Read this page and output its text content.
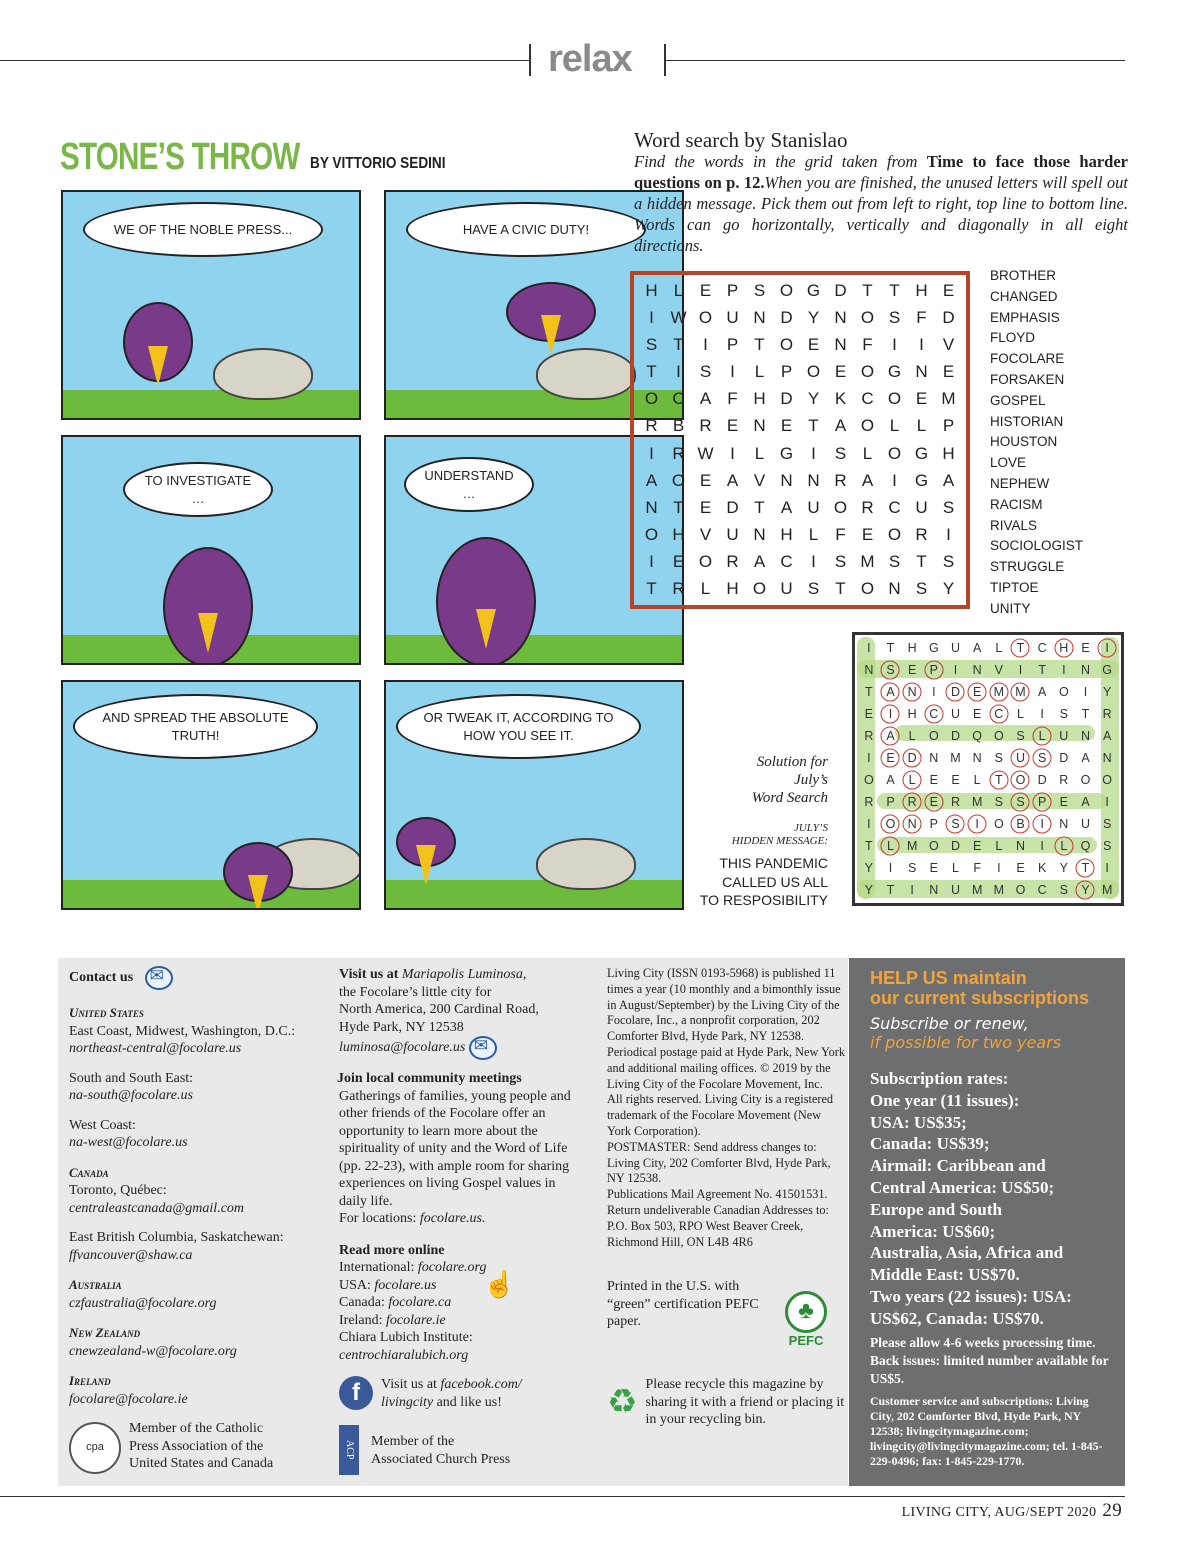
relax
STONE’S THROW BY VITTORIO SEDINI
WE OF THE NOBLE PRESS...	HAVE A CIVIC DUTY!
TO INVESTIGATE …
UNDERSTAND …
AND SPREAD THE ABSOLUTE TRUTH!
OR TWEAK IT, ACCORDING TO HOW YOU SEE IT.
Word search by Stanislao
Find the words in the grid taken from Time to face those harder questions on p. 12.When you are finished, the unused letters will spell out a hidden message. Pick them out from left to right, top line to bottom line. Words can go horizontally, vertically and diagonally in all eight directions.
H L E P S O G D T T H E
I W O U N D Y N O S F D
S T	I	P T O E N F	I	I	V
T	I	S	I	L P O E O G N E
O C A F H D Y K C O E M
R B R E N E T A O L	L P
I	R W I	L G	I	S L O G H
A O E A V N N R A	I	G A
N T E D T A U O R C U S
O H V U N H L	F E O R	I
I	E O R A C	I	S M S T S
T R L H O U S T O N S Y
BROTHER
CHANGED
EMPHASIS
FLOYD
FOCOLARE
FORSAKEN
GOSPEL
HISTORIAN
HOUSTON
LOVE
NEPHEW
RACISM
RIVALS
SOCIOLOGIST
STRUGGLE
TIPTOE
UNITY
Solution for
July’s
Word Search
JULY’S
HIDDEN MESSAGE:
THIS PANDEMIC
CALLED US ALL
TO RESPOSIBILITY
I	T	H G U	A	L	T	C	H	E	I
N	S	E	P	I	N	V	I	T	I	N G
T	A	N	I	D	E M M A	O	I	Y
E	I	H	C	U	E	C	L	I	S	T	R
R	A	L	O D Q O	S	L	U	N	A
I	E	D	N M N	S	U	S	D	A	N
O	A	L	E	E	L	T	O D	R O O
R	P	R	E	R M S	S	P	E	A	I
I	O N	P	S	I	O	B	I	N	U	S
T	L	M O D	E	L	N	I	L	Q	S
Y	I	S	E	L	F	I	E	K	Y	T	I
Y	T	I	N	U M M O C	S	Y M

Contact us ✉

United States
East Coast, Midwest, Washington, D.C.:
northeast-central@focolare.us

South and South East:
na-south@focolare.us

West Coast:
na-west@focolare.us

Canada
Toronto, Québec:
centraleastcanada@gmail.com

East British Columbia, Saskatchewan:
ffvancouver@shaw.ca

Australia
czfaustralia@focolare.org

New Zealand
cnewzealand-w@focolare.org

Ireland
focolare@focolare.ie

cpa
Member of the Catholic
Press Association of the
United States and Canada
Visit us at Mariapolis Luminosa,
the Focolare’s little city for
North America, 200 Cardinal Road,
Hyde Park, NY 12538
luminosa@focolare.us ✉
Join local community meetings
Gatherings of families, young people and other friends of the Focolare offer an opportunity to learn more about the spirituality of unity and the Word of Life (pp. 22-23), with ample room for sharing experiences on living Gospel values in daily life.
For locations: focolare.us.
Read more online
International: focolare.org
USA: focolare.us ☝
Canada: focolare.ca
Ireland: focolare.ie
Chiara Lubich Institute:
centrochiaralubich.org
f	Visit us at facebook.com/
livingcity and like us!
ACP	Member of the
Associated Church Press
Living City (ISSN 0193-5968) is published 11 times a year (10 monthly and a bimonthly issue in August/September) by the Living City of the Focolare, Inc., a nonprofit corporation, 202 Comforter Blvd, Hyde Park, NY 12538. Periodical postage paid at Hyde Park, New York and additional mailing offices. © 2019 by the Living City of the Focolare Movement, Inc.
All rights reserved. Living City is a registered trademark of the Focolare Movement (New York Corporation).
POSTMASTER: Send address changes to: Living City, 202 Comforter Blvd, Hyde Park, NY 12538.
Publications Mail Agreement No. 41501531. Return undeliverable Canadian Addresses to: P.O. Box 503, RPO West Beaver Creek, Richmond Hill, ON L4B 4R6
Printed in the U.S. with “green” certification PEFC paper.	♣
PEFC
♻ Please recycle this magazine by sharing it with a friend or placing it in your recycling bin.
HELP US maintain
our current subscriptions
Subscribe or renew,
if possible for two years
Subscription rates:
One year (11 issues):
USA: US$35;
Canada: US$39;
Airmail: Caribbean and
Central America: US$50;
Europe and South
America: US$60;
Australia, Asia, Africa and
Middle East: US$70.
Two years (22 issues): USA:
US$62, Canada: US$70.
Please allow 4-6 weeks processing time. Back issues: limited number available for US$5.
Customer service and subscriptions: Living City, 202 Comforter Blvd, Hyde Park, NY 12538; livingcitymagazine.com; livingcity@livingcitymagazine.com; tel. 1-845-229-0496; fax: 1-845-229-1770.
LIVING CITY, AUG/SEPT 2020 29
